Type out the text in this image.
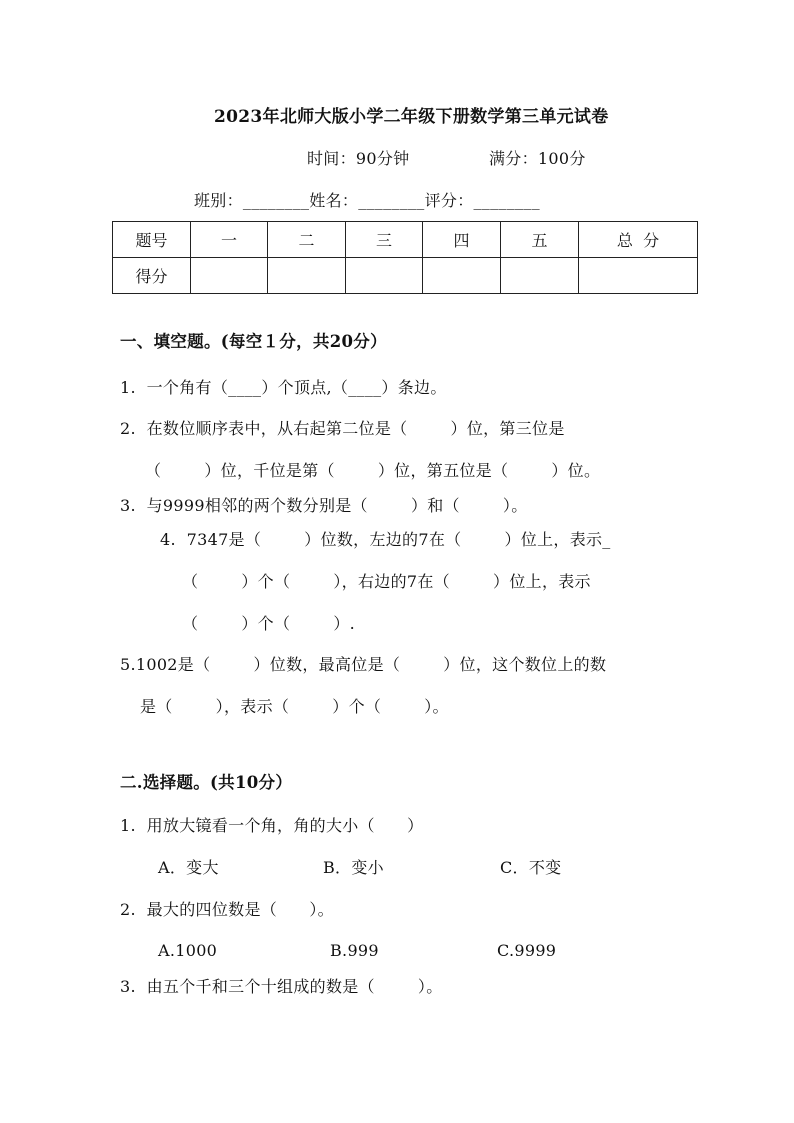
2023年北师大版小学二年级下册数学第三单元试卷
时间：90分钟	满分：100分
班别：________姓名：________评分：________
题号	一	二	三	四	五	总  分
得分						
一、填空题。(每空１分，共20分）
1.  一个角有（____）个顶点,（____）条边。
2.  在数位顺序表中，从右起第二位是（        ）位，第三位是
（        ）位，千位是第（        ）位，第五位是（        ）位。
3.  与9999相邻的两个数分别是（        ）和（        ）。
4.  7347是（        ）位数，左边的7在（        ）位上，表示_
（        ）个（        ），右边的7在（        ）位上，表示
（        ）个（        ）.
5.1002是（        ）位数，最高位是（        ）位，这个数位上的数
是（        ），表示（        ）个（        ）。
二.选择题。(共10分）
1.  用放大镜看一个角，角的大小（      ）
A．变大	B．变小	C．不变
2.  最大的四位数是（      ）。
A.1000	B.999	C.9999
3.  由五个千和三个十组成的数是（        ）。
